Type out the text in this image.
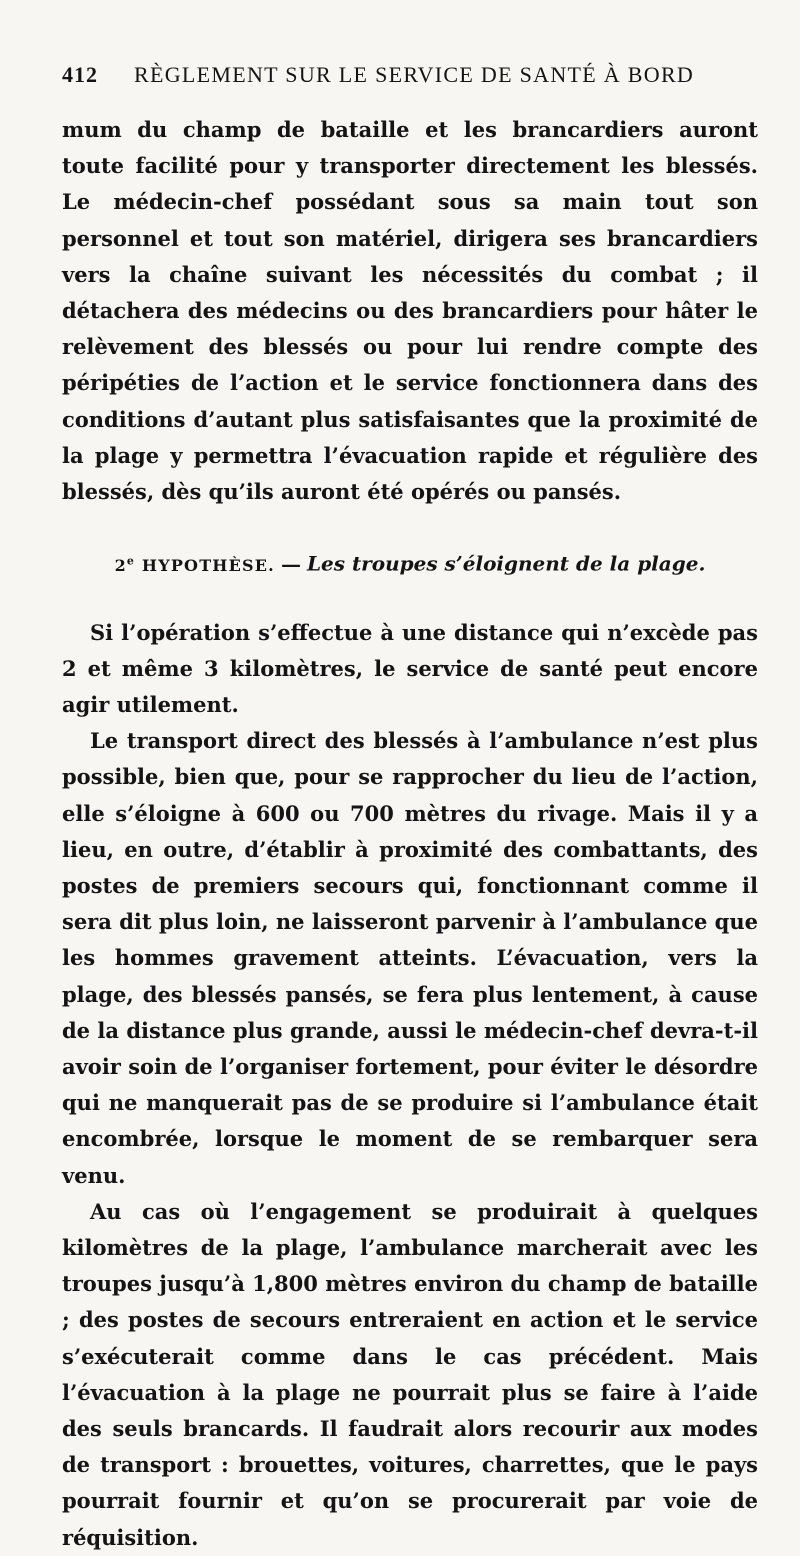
412	RÈGLEMENT SUR LE SERVICE DE SANTÉ À BORD

mum du champ de bataille et les brancardiers auront toute facilité pour y transporter directement les blessés. Le médecin-chef possédant sous sa main tout son personnel et tout son matériel, dirigera ses brancardiers vers la chaîne suivant les nécessités du combat ; il détachera des médecins ou des brancardiers pour hâter le relèvement des blessés ou pour lui rendre compte des péripéties de l’action et le service fonctionnera dans des conditions d’autant plus satisfaisantes que la proximité de la plage y permettra l’évacuation rapide et régulière des blessés, dès qu’ils auront été opérés ou pansés.

2e HYPOTHÈSE. — Les troupes s’éloignent de la plage.

Si l’opération s’effectue à une distance qui n’excède pas 2 et même 3 kilomètres, le service de santé peut encore agir utilement.

Le transport direct des blessés à l’ambulance n’est plus possible, bien que, pour se rapprocher du lieu de l’action, elle s’éloigne à 600 ou 700 mètres du rivage. Mais il y a lieu, en outre, d’établir à proximité des combattants, des postes de premiers secours qui, fonctionnant comme il sera dit plus loin, ne laisseront parvenir à l’ambulance que les hommes gravement atteints. L’évacuation, vers la plage, des blessés pansés, se fera plus lentement, à cause de la distance plus grande, aussi le médecin-chef devra-t-il avoir soin de l’organiser fortement, pour éviter le désordre qui ne manquerait pas de se produire si l’ambulance était encombrée, lorsque le moment de se rembarquer sera venu.

Au cas où l’engagement se produirait à quelques kilomètres de la plage, l’ambulance marcherait avec les troupes jusqu’à 1,800 mètres environ du champ de bataille ; des postes de secours entreraient en action et le service s’exécuterait comme dans le cas précédent. Mais l’évacuation à la plage ne pourrait plus se faire à l’aide des seuls brancards. Il faudrait alors recourir aux modes de transport : brouettes, voitures, charrettes, que le pays pourrait fournir et qu’on se procurerait par voie de réquisition.
